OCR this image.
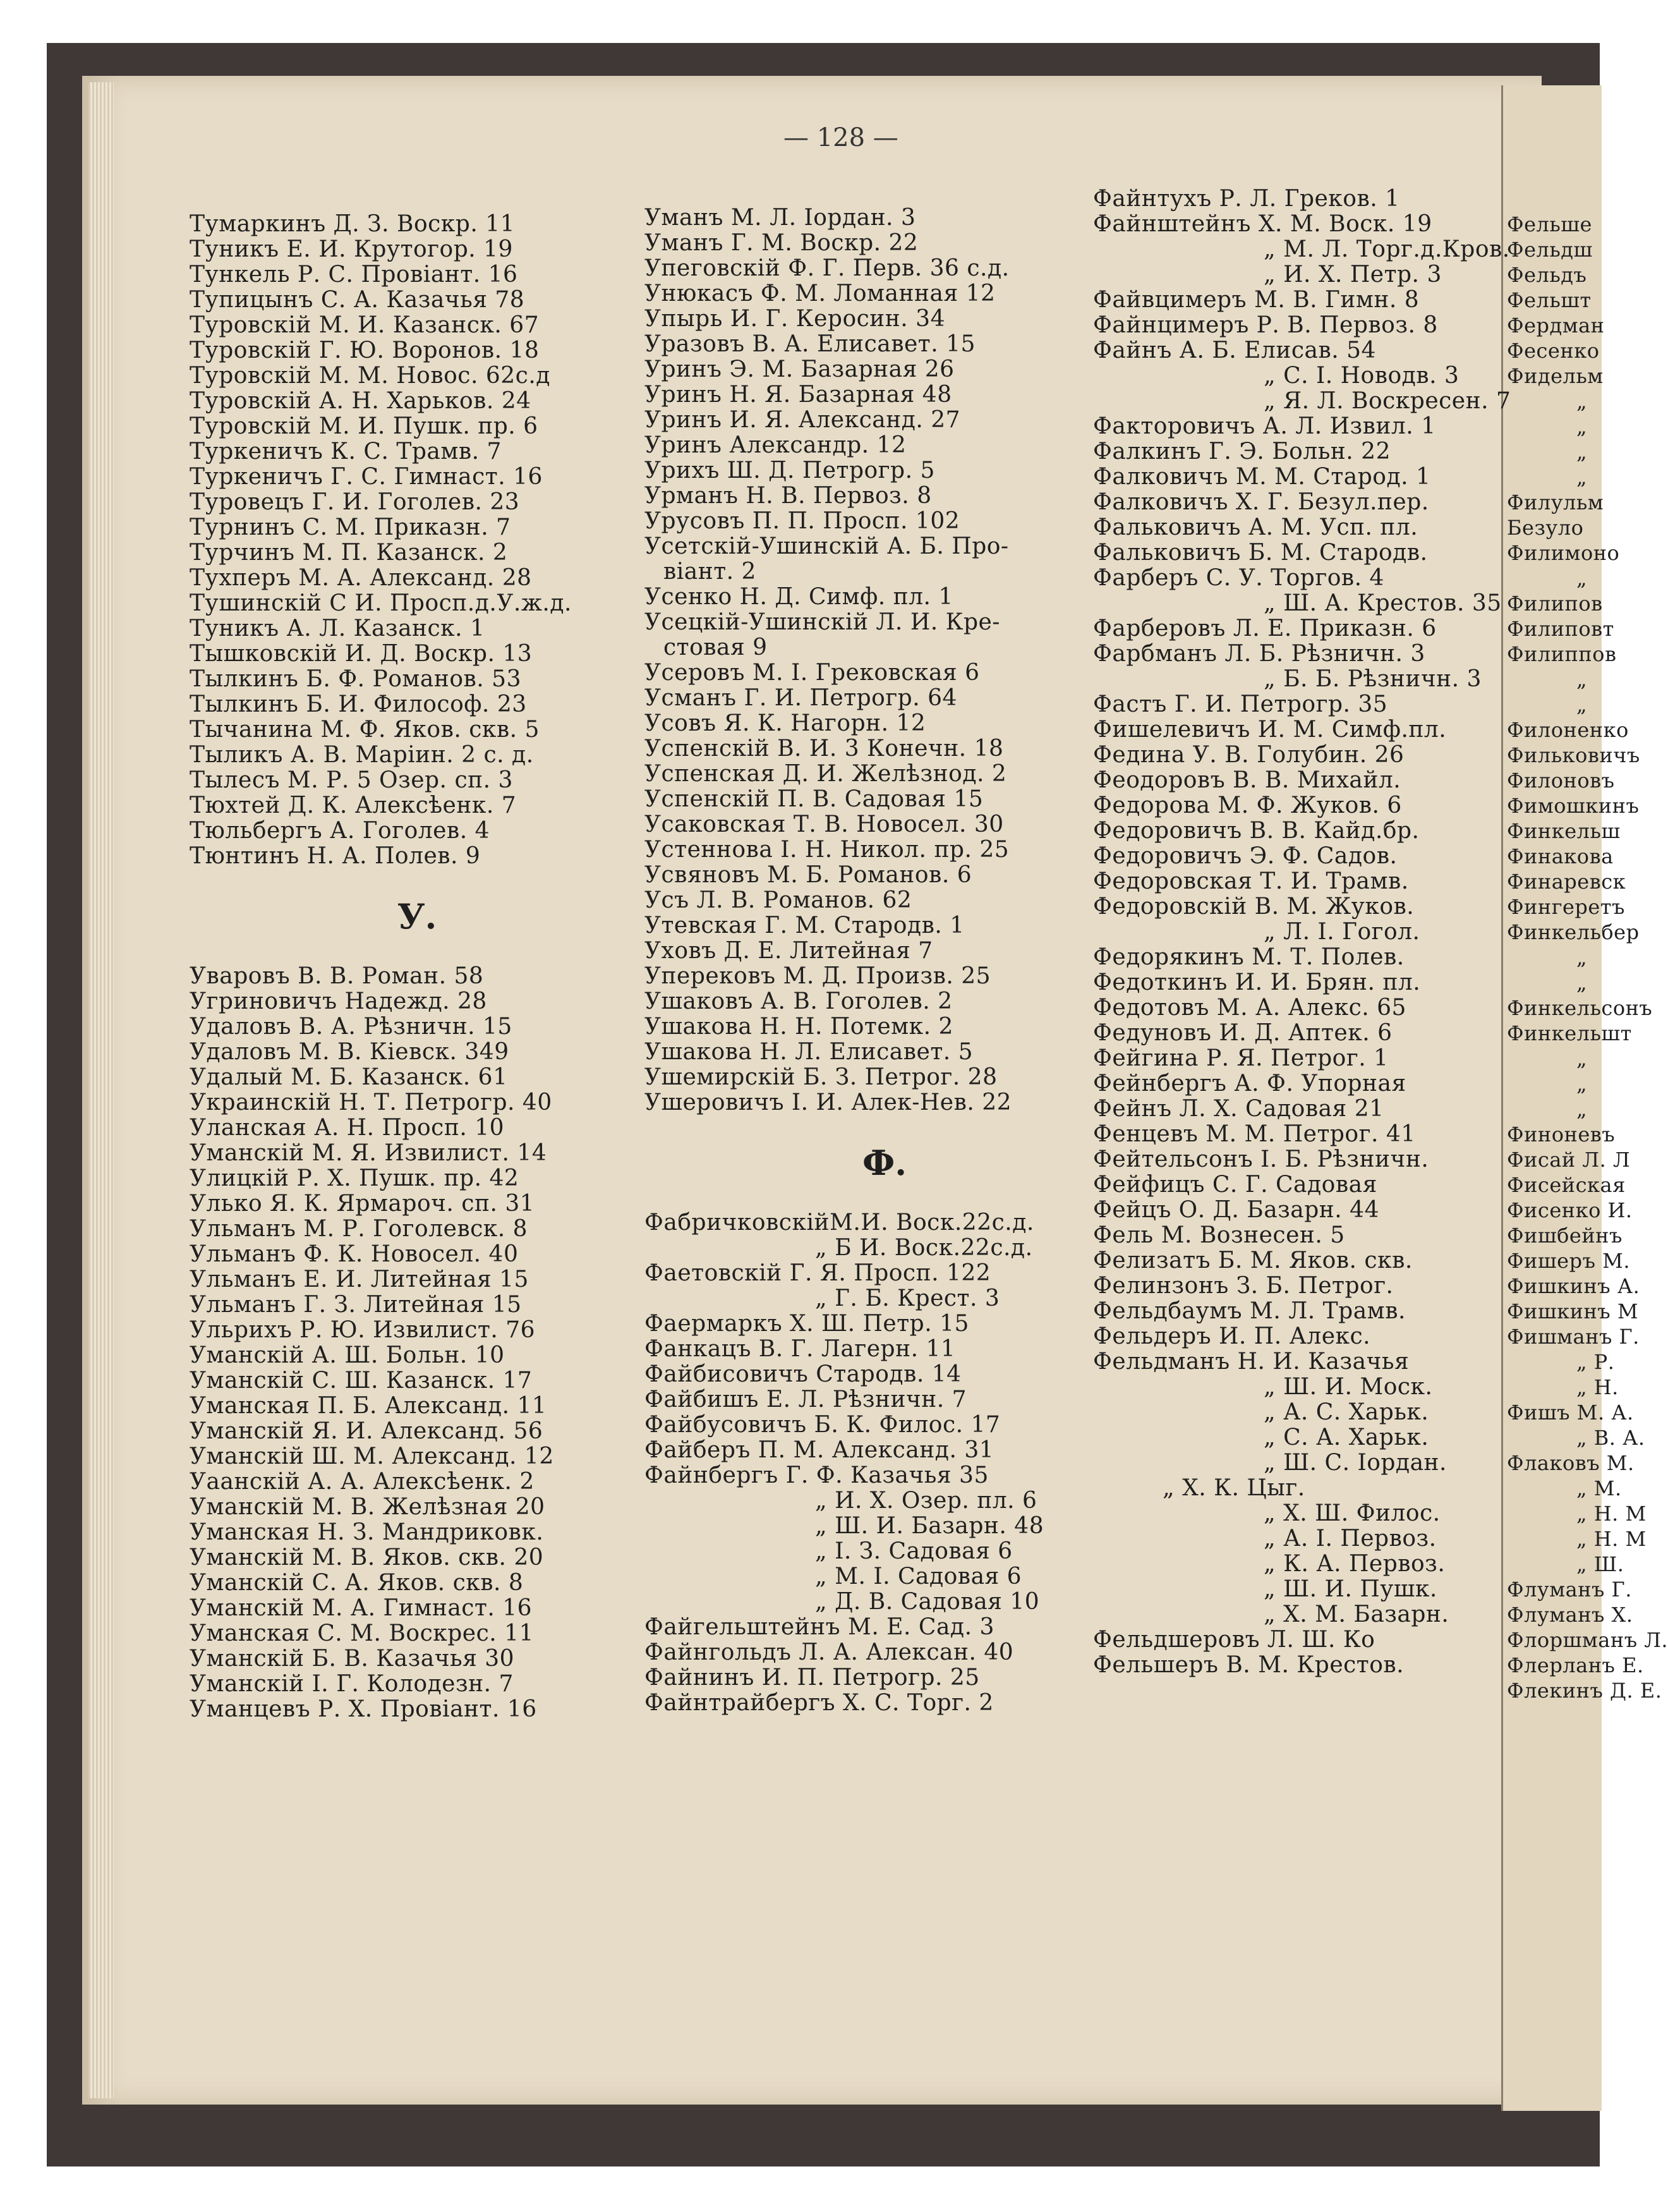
— 128 —
Тумаркинъ Д. З. Воскр. 11
Туникъ Е. И. Крутогор. 19
Тункель Р. С. Провіант. 16
Тупицынъ С. А. Казачья 78
Туровскій М. И. Казанск. 67
Туровскій Г. Ю. Воронов. 18
Туровскій М. М. Новос. 62с.д
Туровскій А. Н. Харьков. 24
Туровскій М. И. Пушк. пр. 6
Туркеничъ К. С. Трамв. 7
Туркеничъ Г. С. Гимнаст. 16
Туровецъ Г. И. Гоголев. 23
Турнинъ С. М. Приказн. 7
Турчинъ М. П. Казанск. 2
Тухперъ М. А. Александ. 28
Тушинскій С И. Просп.д.У.ж.д.
Туникъ А. Л. Казанск. 1
Тышковскій И. Д. Воскр. 13
Тылкинъ Б. Ф. Романов. 53
Тылкинъ Б. И. Философ. 23
Тычанина М. Ф. Яков. скв. 5
Тыликъ А. В. Маріин. 2 с. д.
Тылесъ М. Р. 5 Озер. сп. 3
Тюхтей Д. К. Алексѣенк. 7
Тюльбергъ А. Гоголев. 4
Тюнтинъ Н. А. Полев. 9
У.
Уваровъ В. В. Роман. 58
Угриновичъ Надежд. 28
Удаловъ В. А. Рѣзничн. 15
Удаловъ М. В. Кіевск. 349
Удалый М. Б. Казанск. 61
Украинскій Н. Т. Петрогр. 40
Уланская А. Н. Просп. 10
Уманскій М. Я. Извилист. 14
Улицкій Р. Х. Пушк. пр. 42
Улько Я. К. Ярмароч. сп. 31
Ульманъ М. Р. Гоголевск. 8
Ульманъ Ф. К. Новосел. 40
Ульманъ Е. И. Литейная 15
Ульманъ Г. З. Литейная 15
Ульрихъ Р. Ю. Извилист. 76
Уманскій А. Ш. Больн. 10
Уманскій С. Ш. Казанск. 17
Уманская П. Б. Александ. 11
Уманскій Я. И. Александ. 56
Уманскій Ш. М. Александ. 12
Уаанскій А. А. Алексѣенк. 2
Уманскій М. В. Желѣзная 20
Уманская Н. З. Мандриковк.
Уманскій М. В. Яков. скв. 20
Уманскій С. А. Яков. скв. 8
Уманскій М. А. Гимнаст. 16
Уманская С. М. Воскрес. 11
Уманскій Б. В. Казачья 30
Уманскій І. Г. Колодезн. 7
Уманцевъ Р. Х. Провіант. 16
Уманъ М. Л. Іордан. 3
Уманъ Г. М. Воскр. 22
Упеговскій Ф. Г. Перв. 36 с.д.
Унюкасъ Ф. М. Ломанная 12
Упырь И. Г. Керосин. 34
Уразовъ В. А. Елисавет. 15
Уринъ Э. М. Базарная 26
Уринъ Н. Я. Базарная 48
Уринъ И. Я. Александ. 27
Уринъ Александр. 12
Урихъ Ш. Д. Петрогр. 5
Урманъ Н. В. Первоз. 8
Урусовъ П. П. Просп. 102
Усетскій-Ушинскій А. Б. Про-
віант. 2
Усенко Н. Д. Симф. пл. 1
Усецкій-Ушинскій Л. И. Кре-
стовая 9
Усеровъ М. І. Грековская 6
Усманъ Г. И. Петрогр. 64
Усовъ Я. К. Нагорн. 12
Успенскій В. И. 3 Конечн. 18
Успенская Д. И. Желѣзнод. 2
Успенскій П. В. Садовая 15
Усаковская Т. В. Новосел. 30
Устеннова І. Н. Никол. пр. 25
Усвяновъ М. Б. Романов. 6
Усъ Л. В. Романов. 62
Утевская Г. М. Стародв. 1
Уховъ Д. Е. Литейная 7
Уперековъ М. Д. Произв. 25
Ушаковъ А. В. Гоголев. 2
Ушакова Н. Н. Потемк. 2
Ушакова Н. Л. Елисавет. 5
Ушемирскій Б. З. Петрог. 28
Ушеровичъ І. И. Алек-Нев. 22
Ф.
ФабричковскійМ.И. Воск.22с.д.
„ Б И. Воск.22с.д.
Фаетовскій Г. Я. Просп. 122
„ Г. Б. Крест. 3
Фаермаркъ Х. Ш. Петр. 15
Фанкацъ В. Г. Лагерн. 11
Файбисовичъ Стародв. 14
Файбишъ Е. Л. Рѣзничн. 7
Файбусовичъ Б. К. Филос. 17
Файберъ П. М. Александ. 31
Файнбергъ Г. Ф. Казачья 35
„ И. Х. Озер. пл. 6
„ Ш. И. Базарн. 48
„ І. З. Садовая 6
„ М. І. Садовая 6
„ Д. В. Садовая 10
Файгельштейнъ М. Е. Сад. 3
Файнгольдъ Л. А. Алексан. 40
Файнинъ И. П. Петрогр. 25
Файнтрайбергъ Х. С. Торг. 2
Файнтухъ Р. Л. Греков. 1
Файнштейнъ Х. М. Воск. 19
„ М. Л. Торг.д.Кров.
„ И. Х. Петр. 3
Файвцимеръ М. В. Гимн. 8
Файнцимеръ Р. В. Первоз. 8
Файнъ А. Б. Елисав. 54
„ С. І. Новодв. 3
„ Я. Л. Воскресен. 7
Факторовичъ А. Л. Извил. 1
Фалкинъ Г. Э. Больн. 22
Фалковичъ М. М. Старод. 1
Фалковичъ Х. Г. Безул.пер.
Фальковичъ А. М. Усп. пл.
Фальковичъ Б. М. Стародв.
Фарберъ С. У. Торгов. 4
„ Ш. А. Крестов. 35
Фарберовъ Л. Е. Приказн. 6
Фарбманъ Л. Б. Рѣзничн. 3
„ Б. Б. Рѣзничн. 3
Фастъ Г. И. Петрогр. 35
Фишелевичъ И. М. Симф.пл.
Федина У. В. Голубин. 26
Феодоровъ В. В. Михайл.
Федорова М. Ф. Жуков. 6
Федоровичъ В. В. Кайд.бр.
Федоровичъ Э. Ф. Садов.
Федоровская Т. И. Трамв.
Федоровскій В. М. Жуков.
„ Л. І. Гогол.
Федорякинъ М. Т. Полев.
Федоткинъ И. И. Брян. пл.
Федотовъ М. А. Алекс. 65
Федуновъ И. Д. Аптек. 6
Фейгина Р. Я. Петрог. 1
Фейнбергъ А. Ф. Упорная
Фейнъ Л. Х. Садовая 21
Фенцевъ М. М. Петрог. 41
Фейтельсонъ І. Б. Рѣзничн.
Фейфицъ С. Г. Садовая
Фейцъ О. Д. Базарн. 44
Фель М. Вознесен. 5
Фелизатъ Б. М. Яков. скв.
Фелинзонъ З. Б. Петрог.
Фельдбаумъ М. Л. Трамв.
Фельдеръ И. П. Алекс.
Фельдманъ Н. И. Казачья
„ Ш. И. Моск.
„ А. С. Харьк.
„ С. А. Харьк.
„ Ш. С. Іордан.
„ Х. К. Цыг.
„ Х. Ш. Филос.
„ А. І. Первоз.
„ К. А. Первоз.
„ Ш. И. Пушк.
„ Х. М. Базарн.
Фельдшеровъ Л. Ш. Ко
Фельшеръ В. М. Крестов.
Фельше
Фельдш
Фельдъ
Фельшт
Фердман
Фесенко
Фидельм
„
„
„
„
Филульм
Безуло
Филимоно
„
Филипов
Филиповт
Филиппов
„
„
Филоненко
Фильковичъ
Филоновъ
Фимошкинъ
Финкельш
Финакова
Финаревск
Фингеретъ
Финкельбер
„
„
Финкельсонъ
Финкельшт
„
„
„
Финоневъ
Фисай Л. Л
Фисейская
Фисенко И.
Фишбейнъ
Фишеръ М.
Фишкинъ А.
Фишкинъ М
Фишманъ Г.
„ Р.
„ Н.
Фишъ М. А.
„ В. А.
Флаковъ М.
„ М.
„ Н. М
„ Н. М
„ Ш.
Флуманъ Г.
Флуманъ Х.
Флоршманъ Л.
Флерланъ Е.
Флекинъ Д. Е.
